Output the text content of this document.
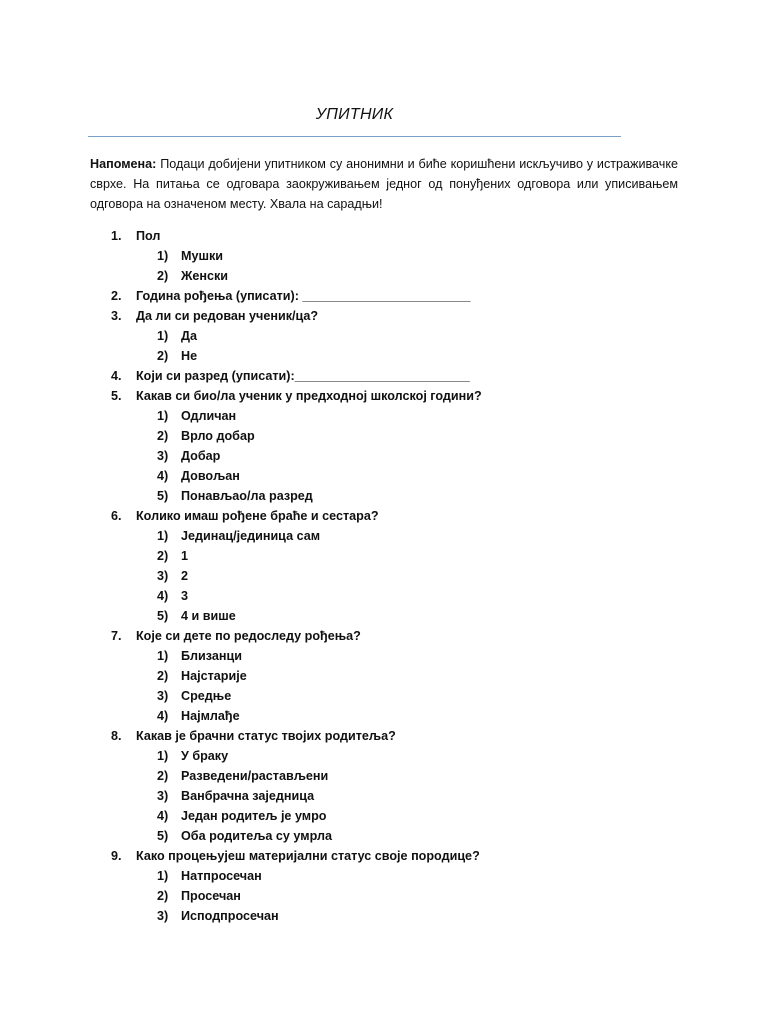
УПИТНИК
Напомена: Подаци добијени упитником су анонимни и биће коришћени искључиво у истраживачке сврхе. На питања се одговара заокруживањем једног од понуђених одговора или уписивањем одговора на означеном месту. Хвала на сарадњи!
1.	Пол
1)	Мушки
2)	Женски
2.	Година рођења (уписати): ________________________
3.	Да ли си редован ученик/ца?
1)	Да
2)	Не
4.	Који си разред (уписати):_________________________
5.	Какав си био/ла ученик у предходној школској години?
1)	Одличан
2)	Врло добар
3)	Добар
4)	Довољан
5)	Понављао/ла разред
6.	Колико имаш рођене браће и сестара?
1)	Јединац/јединица сам
2)	1
3)	2
4)	3
5)	4 и више
7.	Које си дете по редоследу рођења?
1)	Близанци
2)	Најстарије
3)	Средње
4)	Најмлађе
8.	Какав је брачни статус твојих родитеља?
1)	У браку
2)	Разведени/растављени
3)	Ванбрачна заједница
4)	Један родитељ је умро
5)	Оба родитеља су умрла
9.	Како процењујеш материјални статус своје породице?
1)	Натпросечан
2)	Просечан
3)	Исподпросечан
